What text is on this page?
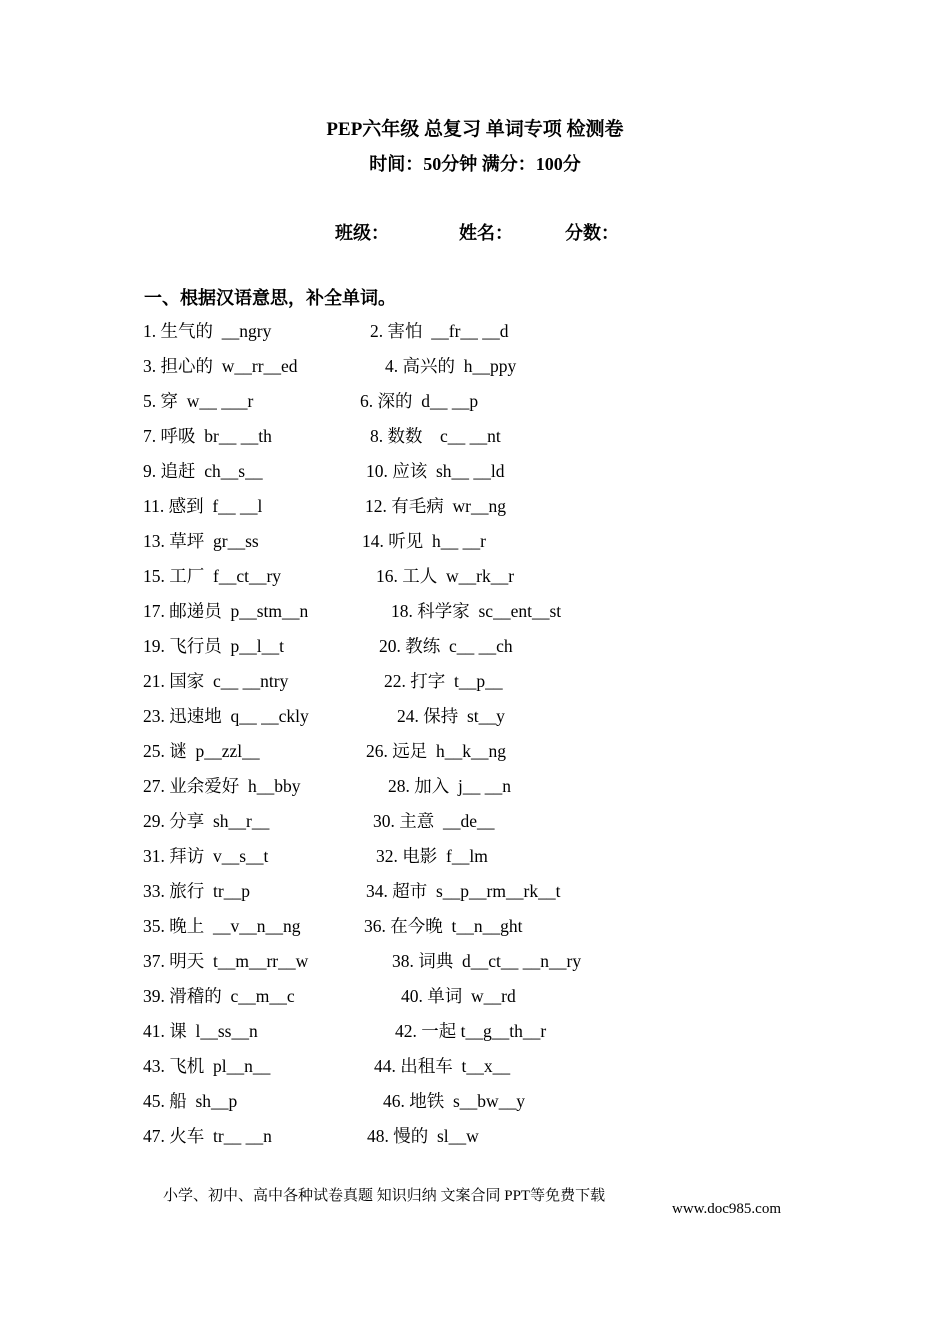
PEP六年级 总复习 单词专项 检测卷
时间：50分钟 满分：100分
班级：	姓名：	分数：
一、根据汉语意思，补全单词。
1. 生气的  __ngry	2. 害怕  __fr__ __d
3. 担心的  w__rr__ed	4. 高兴的  h__ppy
5. 穿  w__ ___r	6. 深的  d__ __p
7. 呼吸  br__ __th	8. 数数    c__ __nt
9. 追赶  ch__s__	10. 应该  sh__ __ld
11. 感到  f__ __l	12. 有毛病  wr__ng
13. 草坪  gr__ss	14. 听见  h__ __r
15. 工厂  f__ct__ry	16. 工人  w__rk__r
17. 邮递员  p__stm__n	18. 科学家  sc__ent__st
19. 飞行员  p__l__t	20. 教练  c__ __ch
21. 国家  c__ __ntry	22. 打字  t__p__
23. 迅速地  q__ __ckly	24. 保持  st__y
25. 谜  p__zzl__	26. 远足  h__k__ng
27. 业余爱好  h__bby	28. 加入  j__ __n
29. 分享  sh__r__	30. 主意  __de__
31. 拜访  v__s__t	32. 电影  f__lm
33. 旅行  tr__p	34. 超市  s__p__rm__rk__t
35. 晚上  __v__n__ng	36. 在今晚  t__n__ght
37. 明天  t__m__rr__w	38. 词典  d__ct__ __n__ry
39. 滑稽的  c__m__c	40. 单词  w__rd
41. 课  l__ss__n	42. 一起 t__g__th__r
43. 飞机  pl__n__	44. 出租车  t__x__
45. 船  sh__p	46. 地铁  s__bw__y
47. 火车  tr__ __n	48. 慢的  sl__w

小学、初中、高中各种试卷真题 知识归纳 文案合同 PPT等免费下载

www.doc985.com
